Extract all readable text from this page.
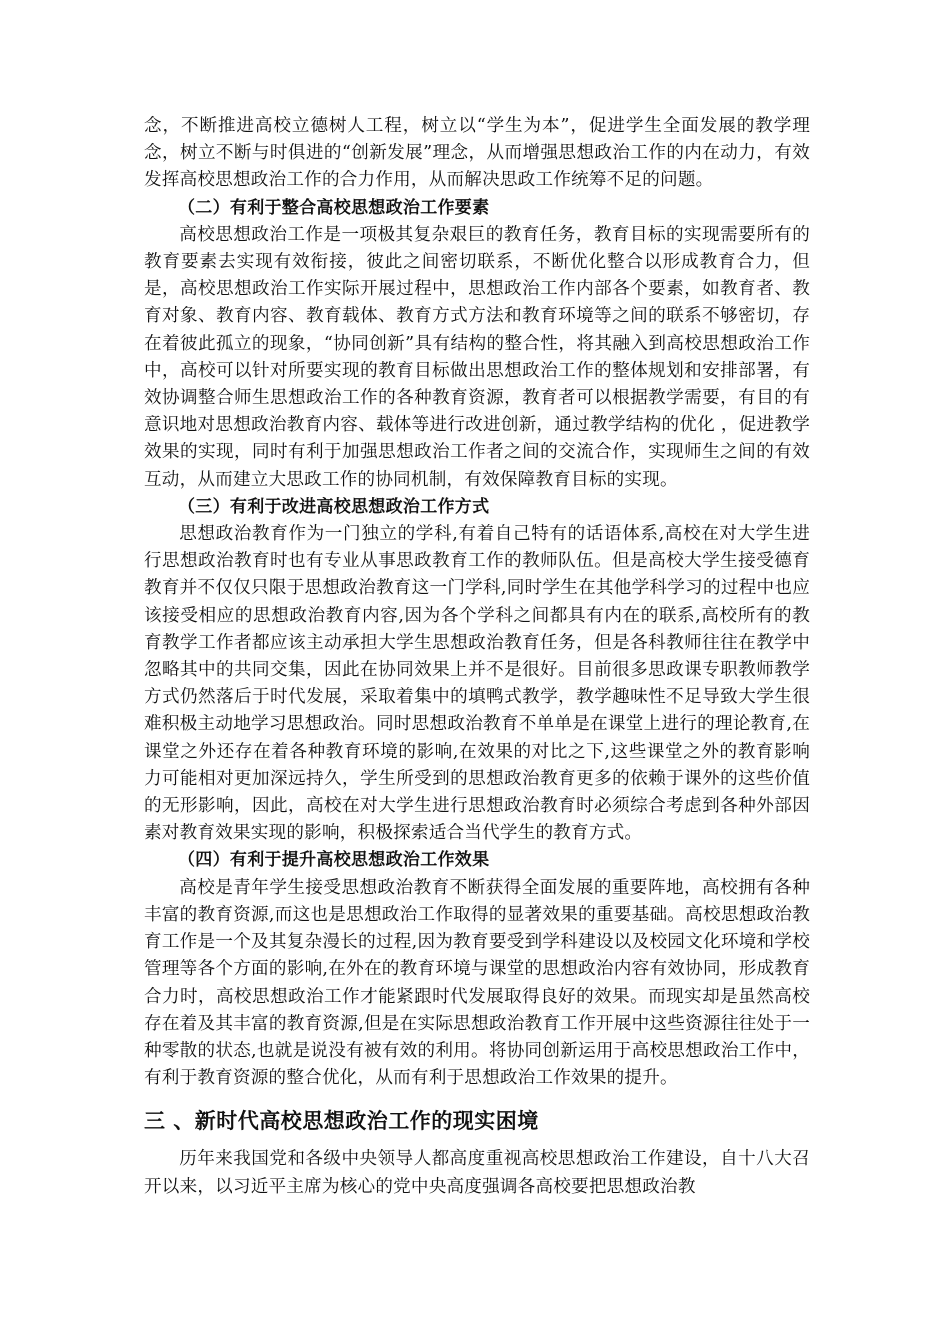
念，不断推进高校立德树人工程，树立以“学生为本”，促进学生全面发展的教学理念，树立不断与时俱进的“创新发展”理念，从而增强思想政治工作的内在动力，有效发挥高校思想政治工作的合力作用，从而解决思政工作统筹不足的问题。

（二）有利于整合高校思想政治工作要素

高校思想政治工作是一项极其复杂艰巨的教育任务，教育目标的实现需要所有的教育要素去实现有效衔接，彼此之间密切联系，不断优化整合以形成教育合力，但是，高校思想政治工作实际开展过程中，思想政治工作内部各个要素，如教育者、教育对象、教育内容、教育载体、教育方式方法和教育环境等之间的联系不够密切，存在着彼此孤立的现象，“协同创新”具有结构的整合性，将其融入到高校思想政治工作中，高校可以针对所要实现的教育目标做出思想政治工作的整体规划和安排部署，有效协调整合师生思想政治工作的各种教育资源，教育者可以根据教学需要，有目的有意识地对思想政治教育内容、载体等进行改进创新，通过教学结构的优化 ，促进教学效果的实现，同时有利于加强思想政治工作者之间的交流合作，实现师生之间的有效互动，从而建立大思政工作的协同机制，有效保障教育目标的实现。

（三）有利于改进高校思想政治工作方式

思想政治教育作为一门独立的学科,有着自己特有的话语体系,高校在对大学生进行思想政治教育时也有专业从事思政教育工作的教师队伍。但是高校大学生接受德育教育并不仅仅只限于思想政治教育这一门学科,同时学生在其他学科学习的过程中也应该接受相应的思想政治教育内容,因为各个学科之间都具有内在的联系,高校所有的教育教学工作者都应该主动承担大学生思想政治教育任务，但是各科教师往往在教学中忽略其中的共同交集，因此在协同效果上并不是很好。目前很多思政课专职教师教学方式仍然落后于时代发展，采取着集中的填鸭式教学，教学趣味性不足导致大学生很难积极主动地学习思想政治。同时思想政治教育不单单是在课堂上进行的理论教育,在课堂之外还存在着各种教育环境的影响,在效果的对比之下,这些课堂之外的教育影响力可能相对更加深远持久，学生所受到的思想政治教育更多的依赖于课外的这些价值的无形影响，因此，高校在对大学生进行思想政治教育时必须综合考虑到各种外部因素对教育效果实现的影响，积极探索适合当代学生的教育方式。

（四）有利于提升高校思想政治工作效果

高校是青年学生接受思想政治教育不断获得全面发展的重要阵地，高校拥有各种丰富的教育资源,而这也是思想政治工作取得的显著效果的重要基础。高校思想政治教育工作是一个及其复杂漫长的过程,因为教育要受到学科建设以及校园文化环境和学校管理等各个方面的影响,在外在的教育环境与课堂的思想政治内容有效协同，形成教育合力时，高校思想政治工作才能紧跟时代发展取得良好的效果。而现实却是虽然高校存在着及其丰富的教育资源,但是在实际思想政治教育工作开展中这些资源往往处于一种零散的状态,也就是说没有被有效的利用。将协同创新运用于高校思想政治工作中，有利于教育资源的整合优化，从而有利于思想政治工作效果的提升。

三 、新时代高校思想政治工作的现实困境

历年来我国党和各级中央领导人都高度重视高校思想政治工作建设，自十八大召开以来，以习近平主席为核心的党中央高度强调各高校要把思想政治教
